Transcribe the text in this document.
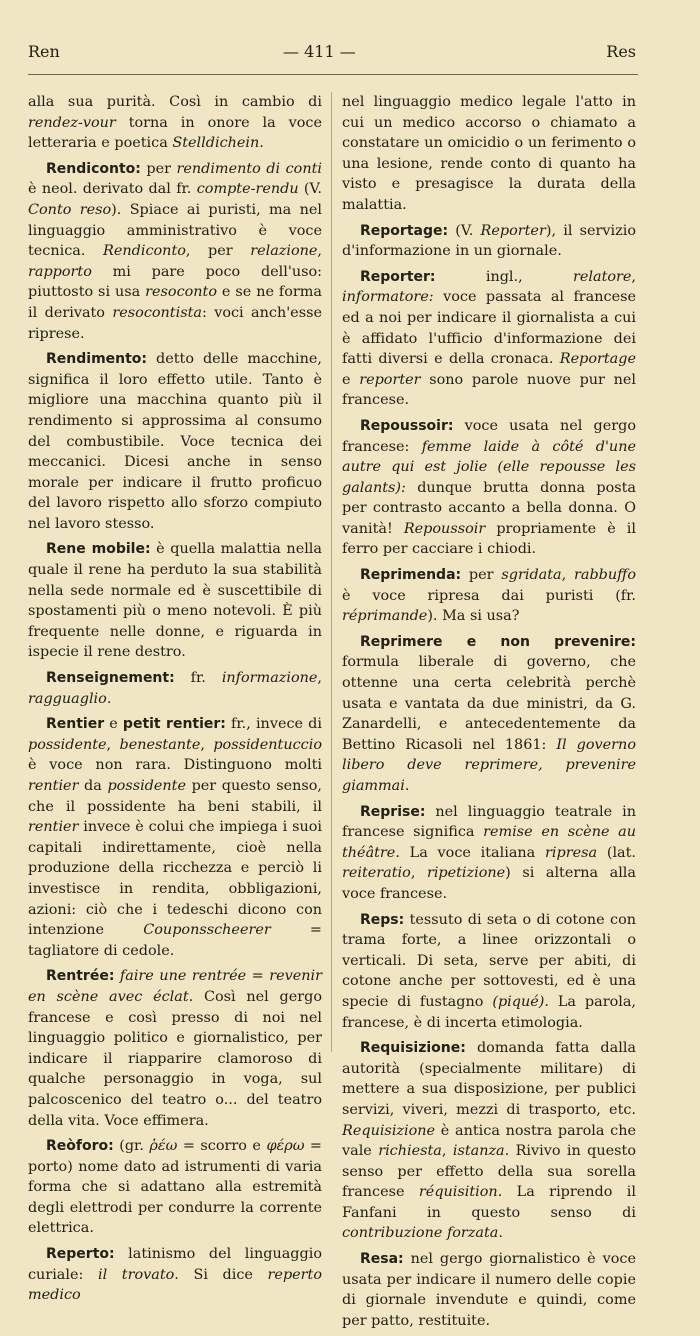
Ren	— 411 —	Res

alla sua purità. Così in cambio di rendez-vour torna in onore la voce letteraria e poetica Stelldichein.

Rendiconto: per rendimento di conti è neol. derivato dal fr. compte-rendu (V. Conto reso). Spiace ai puristi, ma nel linguaggio amministrativo è voce tecnica. Rendiconto, per relazione, rapporto mi pare poco dell'uso: piuttosto si usa resoconto e se ne forma il derivato resocontista: voci anch'esse riprese.

Rendimento: detto delle macchine, significa il loro effetto utile. Tanto è migliore una macchina quanto più il rendimento si approssima al consumo del combustibile. Voce tecnica dei meccanici. Dicesi anche in senso morale per indicare il frutto proficuo del lavoro rispetto allo sforzo compiuto nel lavoro stesso.

Rene mobile: è quella malattia nella quale il rene ha perduto la sua stabilità nella sede normale ed è suscettibile di spostamenti più o meno notevoli. È più frequente nelle donne, e riguarda in ispecie il rene destro.

Renseignement: fr. informazione, ragguaglio.

Rentier e petit rentier: fr., invece di possidente, benestante, possidentuccio è voce non rara. Distinguono molti rentier da possidente per questo senso, che il possidente ha beni stabili, il rentier invece è colui che impiega i suoi capitali indirettamente, cioè nella produzione della ricchezza e perciò li investisce in rendita, obbligazioni, azioni: ciò che i tedeschi dicono con intenzione Couponsscheerer = tagliatore di cedole.

Rentrée: faire une rentrée = revenir en scène avec éclat. Così nel gergo francese e così presso di noi nel linguaggio politico e giornalistico, per indicare il riapparire clamoroso di qualche personaggio in voga, sul palcoscenico del teatro o... del teatro della vita. Voce effimera.

Reòforo: (gr. ῥέω = scorro e φέρω = porto) nome dato ad istrumenti di varia forma che si adattano alla estremità degli elettrodi per condurre la corrente elettrica.

Reperto: latinismo del linguaggio curiale: il trovato. Si dice reperto medico

nel linguaggio medico legale l'atto in cui un medico accorso o chiamato a constatare un omicidio o un ferimento o una lesione, rende conto di quanto ha visto e presagisce la durata della malattia.

Reportage: (V. Reporter), il servizio d'informazione in un giornale.

Reporter: ingl., relatore, informatore: voce passata al francese ed a noi per indicare il giornalista a cui è affidato l'ufficio d'informazione dei fatti diversi e della cronaca. Reportage e reporter sono parole nuove pur nel francese.

Repoussoir: voce usata nel gergo francese: femme laide à côté d'une autre qui est jolie (elle repousse les galants): dunque brutta donna posta per contrasto accanto a bella donna. O vanità! Repoussoir propriamente è il ferro per cacciare i chiodi.

Reprimenda: per sgridata, rabbuffo è voce ripresa dai puristi (fr. réprimande). Ma si usa?

Reprimere e non prevenire: formula liberale di governo, che ottenne una certa celebrità perchè usata e vantata da due ministri, da G. Zanardelli, e antecedentemente da Bettino Ricasoli nel 1861: Il governo libero deve reprimere, prevenire giammai.

Reprise: nel linguaggio teatrale in francese significa remise en scène au théâtre. La voce italiana ripresa (lat. reiteratio, ripetizione) si alterna alla voce francese.

Reps: tessuto di seta o di cotone con trama forte, a linee orizzontali o verticali. Di seta, serve per abiti, di cotone anche per sottovesti, ed è una specie di fustagno (piqué). La parola, francese, è di incerta etimologia.

Requisizione: domanda fatta dalla autorità (specialmente militare) di mettere a sua disposizione, per publici servizi, viveri, mezzi di trasporto, etc. Requisizione è antica nostra parola che vale richiesta, istanza. Rivivo in questo senso per effetto della sua sorella francese réquisition. La riprendo il Fanfani in questo senso di contribuzione forzata.

Resa: nel gergo giornalistico è voce usata per indicare il numero delle copie di giornale invendute e quindi, come per patto, restituite.
